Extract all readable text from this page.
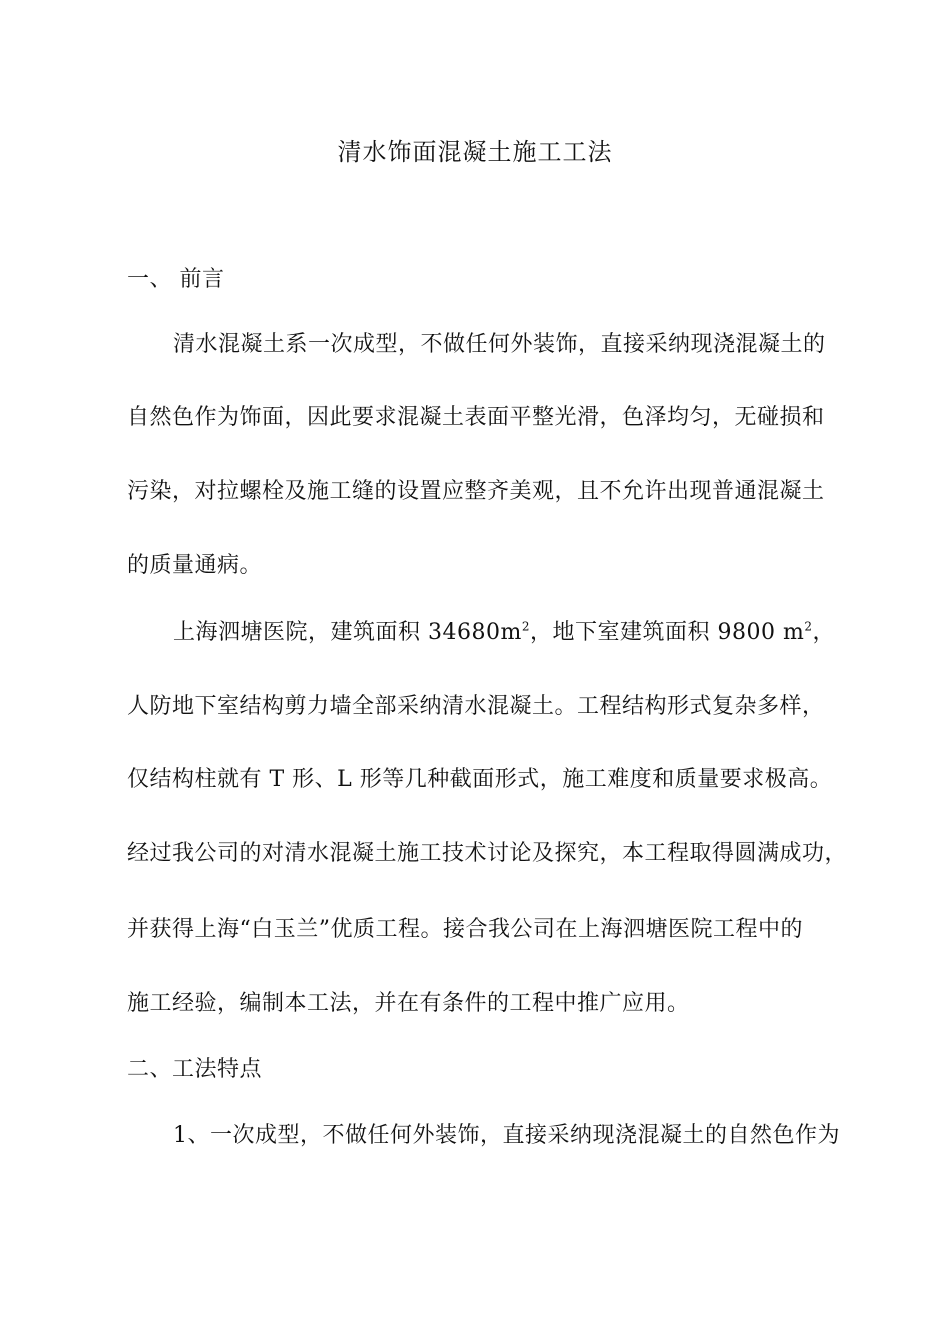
清水饰面混凝土施工工法
一、 前言
清水混凝土系一次成型，不做任何外装饰，直接采纳现浇混凝土的
自然色作为饰面，因此要求混凝土表面平整光滑，色泽均匀，无碰损和
污染，对拉螺栓及施工缝的设置应整齐美观，且不允许出现普通混凝土
的质量通病。
上海泗塘医院，建筑面积 $34680m^2$，地下室建筑面积 9800 $m^2$，
人防地下室结构剪力墙全部采纳清水混凝土。工程结构形式复杂多样，
仅结构柱就有 T 形、L 形等几种截面形式，施工难度和质量要求极高。
经过我公司的对清水混凝土施工技术讨论及探究，本工程取得圆满成功，
并获得上海“白玉兰”优质工程。接合我公司在上海泗塘医院工程中的
施工经验，编制本工法，并在有条件的工程中推广应用。
二、工法特点
1、一次成型，不做任何外装饰，直接采纳现浇混凝土的自然色作为
